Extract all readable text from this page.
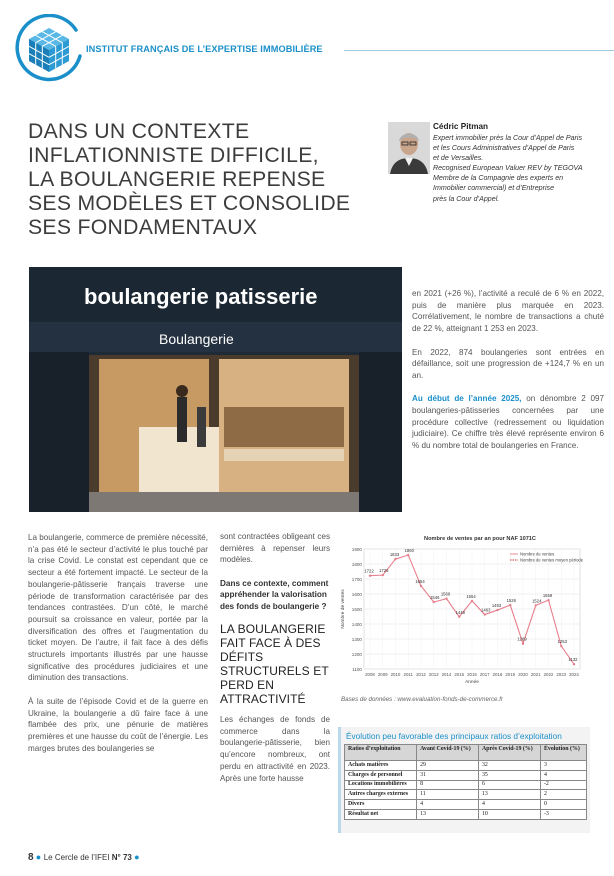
INSTITUT FRANÇAIS DE L’EXPERTISE IMMOBILIÈRE
DANS UN CONTEXTE
INFLATIONNISTE DIFFICILE,
LA BOULANGERIE REPENSE
SES MODÈLES ET CONSOLIDE
SES FONDAMENTAUX
Cédric Pitman
Expert immobilier près la Cour d’Appel de Paris
et les Cours Administratives d’Appel de Paris
et de Versailles.
Recognised European Valuer REV by TEGOVA
Membre de la Compagnie des experts en
Immobilier commercial) et d’Entreprise
près la Cour d’Appel.
boulangerie patisserie
Boulangerie

en 2021 (+26 %), l’activité a reculé de 6 % en 2022, puis de manière plus marquée en 2023. Corrélativement, le nombre de transactions a chuté de 22 %, atteignant 1 253 en 2023.

En 2022, 874 boulangeries sont entrées en défaillance, soit une progression de +124,7 % en un an.

Au début de l’année 2025, on dénombre 2 097 boulangeries-pâtisseries concernées par une procédure collective (redressement ou liquidation judiciaire). Ce chiffre très élevé représente environ 6 % du nombre total de boulangeries en France.

La boulangerie, commerce de première nécessité, n’a pas été le secteur d’activité le plus touché par la crise Covid. Le constat est cependant que ce secteur a été fortement impacté. Le secteur de la boulangerie-pâtisserie français traverse une période de transformation caractérisée par des tendances contrastées. D’un côté, le marché poursuit sa croissance en valeur, portée par la diversification des offres et l’augmentation du ticket moyen. De l’autre, il fait face à des défis structurels importants illustrés par une hausse significative des procédures judiciaires et une diminution des transactions.

À la suite de l’épisode Covid et de la guerre en Ukraine, la boulangerie a dû faire face à une flambée des prix, une pénurie de matières premières et une hausse du coût de l’énergie. Les marges brutes des boulangeries se

sont contractées obligeant ces dernières à repenser leurs modèles.

Dans ce contexte, comment appréhender la valorisation des fonds de boulangerie ?
LA BOULANGERIE FAIT FACE À DES DÉFITS STRUCTURELS ET PERD EN ATTRACTIVITÉ

Les échanges de fonds de commerce dans la boulangerie-pâtisserie, bien qu’encore nombreux, ont perdu en attractivité en 2023. Après une forte hausse

1100
1200
1300
1400
1500
1600
1700
1800
1900
2008 2009 2010 2011 2012 2013 2014 2015 2016 2017 2018 2019 2020 2021 2022 2023 2024
Nombre de ventes par an pour NAF 1071C
Année
Nombre de ventes
Nombre de ventes
Nombre de ventes moyen période
1722 1726
1833
1860
1654
1546
1569
1448
1554
1463
1493
1526
1269
1524
1559
1253
1132
Bases de données : www.evaluation-fonds-de-commerce.fr
Évolution peu favorable des principaux ratios d’exploitation
Ratios d’exploitation	Avant Covid-19 (%)	Après Covid-19 (%)	Évolution (%)
Achats matières	29	32	3
Charges de personnel	31	35	4
Locations immobilières	8	6	-2
Autres charges externes	11	13	2
Divers	4	4	0
Résultat net	13	10	-3
8 ● Le Cercle de l’IFEI N° 73 ●
